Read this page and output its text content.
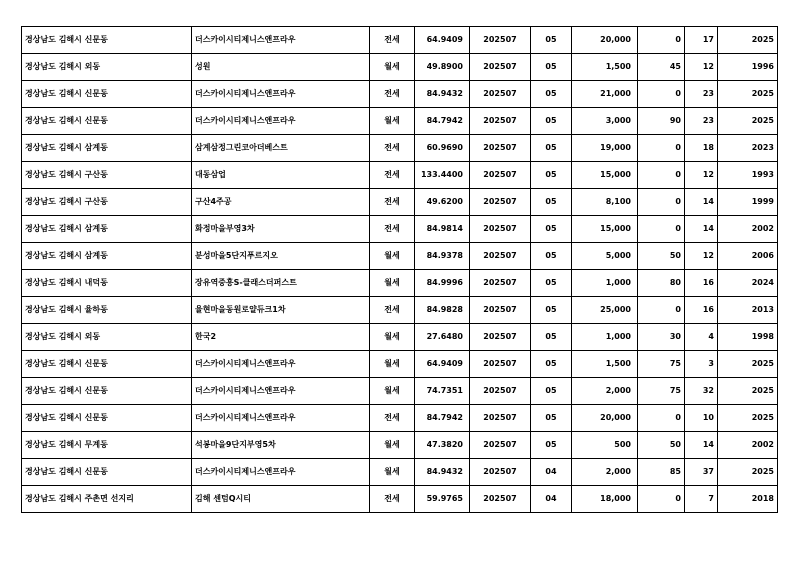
경상남도 김해시 신문동	더스카이시티제니스앤프라우	전세	64.9409	202507	05	20,000	0	17	2025
경상남도 김해시 외동	성원	월세	49.8900	202507	05	1,500	45	12	1996
경상남도 김해시 신문동	더스카이시티제니스앤프라우	전세	84.9432	202507	05	21,000	0	23	2025
경상남도 김해시 신문동	더스카이시티제니스앤프라우	월세	84.7942	202507	05	3,000	90	23	2025
경상남도 김해시 삼계동	삼계삼정그린코아더베스트	전세	60.9690	202507	05	19,000	0	18	2023
경상남도 김해시 구산동	대동삼업	전세	133.4400	202507	05	15,000	0	12	1993
경상남도 김해시 구산동	구산4주공	전세	49.6200	202507	05	8,100	0	14	1999
경상남도 김해시 삼계동	화정마을부영3차	전세	84.9814	202507	05	15,000	0	14	2002
경상남도 김해시 삼계동	분성마을5단지푸르지오	월세	84.9378	202507	05	5,000	50	12	2006
경상남도 김해시 내덕동	장유역중흥S-클래스더퍼스트	월세	84.9996	202507	05	1,000	80	16	2024
경상남도 김해시 율하동	율현마을동원로얄듀크1차	전세	84.9828	202507	05	25,000	0	16	2013
경상남도 김해시 외동	한국2	월세	27.6480	202507	05	1,000	30	4	1998
경상남도 김해시 신문동	더스카이시티제니스앤프라우	월세	64.9409	202507	05	1,500	75	3	2025
경상남도 김해시 신문동	더스카이시티제니스앤프라우	월세	74.7351	202507	05	2,000	75	32	2025
경상남도 김해시 신문동	더스카이시티제니스앤프라우	전세	84.7942	202507	05	20,000	0	10	2025
경상남도 김해시 무계동	석봉마을9단지부영5차	월세	47.3820	202507	05	500	50	14	2002
경상남도 김해시 신문동	더스카이시티제니스앤프라우	월세	84.9432	202507	04	2,000	85	37	2025
경상남도 김해시 주촌면 선지리	김해 센텀Q시티	전세	59.9765	202507	04	18,000	0	7	2018
